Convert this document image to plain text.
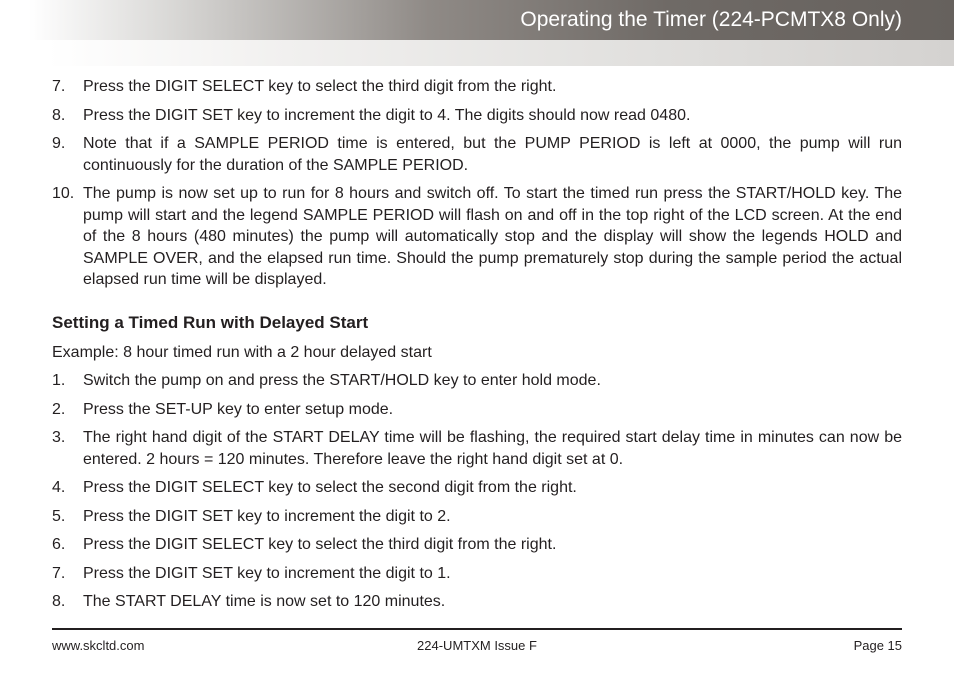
Operating the Timer (224-PCMTX8 Only)
7.	Press the DIGIT SELECT key to select the third digit from the right.
8.	Press the DIGIT SET key to increment the digit to 4. The digits should now read 0480.
9.	Note that if a SAMPLE PERIOD time is entered, but the PUMP PERIOD is left at 0000, the pump will run continuously for the duration of the SAMPLE PERIOD.
10. The pump is now set up to run for 8 hours and switch off. To start the timed run press the START/HOLD key. The pump will start and the legend SAMPLE PERIOD will flash on and off in the top right of the LCD screen. At the end of the 8 hours (480 minutes) the pump will automatically stop and the display will show the legends HOLD and SAMPLE OVER, and the elapsed run time. Should the pump prematurely stop during the sample period the actual elapsed run time will be displayed.
Setting a Timed Run with Delayed Start
Example: 8 hour timed run with a 2 hour delayed start
1.	Switch the pump on and press the START/HOLD key to enter hold mode.
2.	Press the SET-UP key to enter setup mode.
3.	The right hand digit of the START DELAY time will be flashing, the required start delay time in minutes can now be entered. 2 hours = 120 minutes. Therefore leave the right hand digit set at 0.
4.	Press the DIGIT SELECT key to select the second digit from the right.
5.	Press the DIGIT SET key to increment the digit to 2.
6.	Press the DIGIT SELECT key to select the third digit from the right.
7.	Press the DIGIT SET key to increment the digit to 1.
8.	The START DELAY time is now set to 120 minutes.
www.skcltd.com	224-UMTXM Issue F	Page 15
